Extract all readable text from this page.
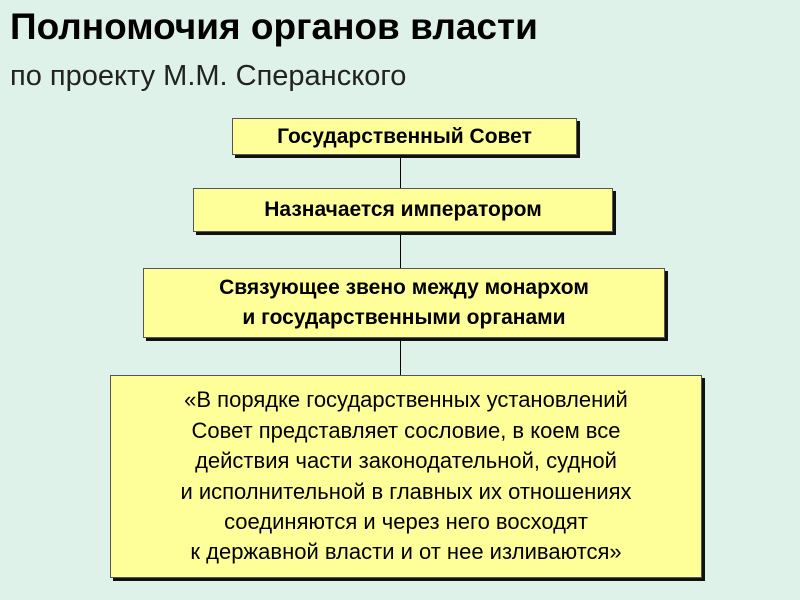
Полномочия органов власти
по проекту М.М. Сперанского
Государственный Совет
Назначается императором
Связующее звено между монархом
и государственными органами
«В порядке государственных установлений
Совет представляет сословие, в коем все
действия части законодательной, судной
и исполнительной в главных их отношениях
соединяются и через него восходят
к державной власти и от нее изливаются»
